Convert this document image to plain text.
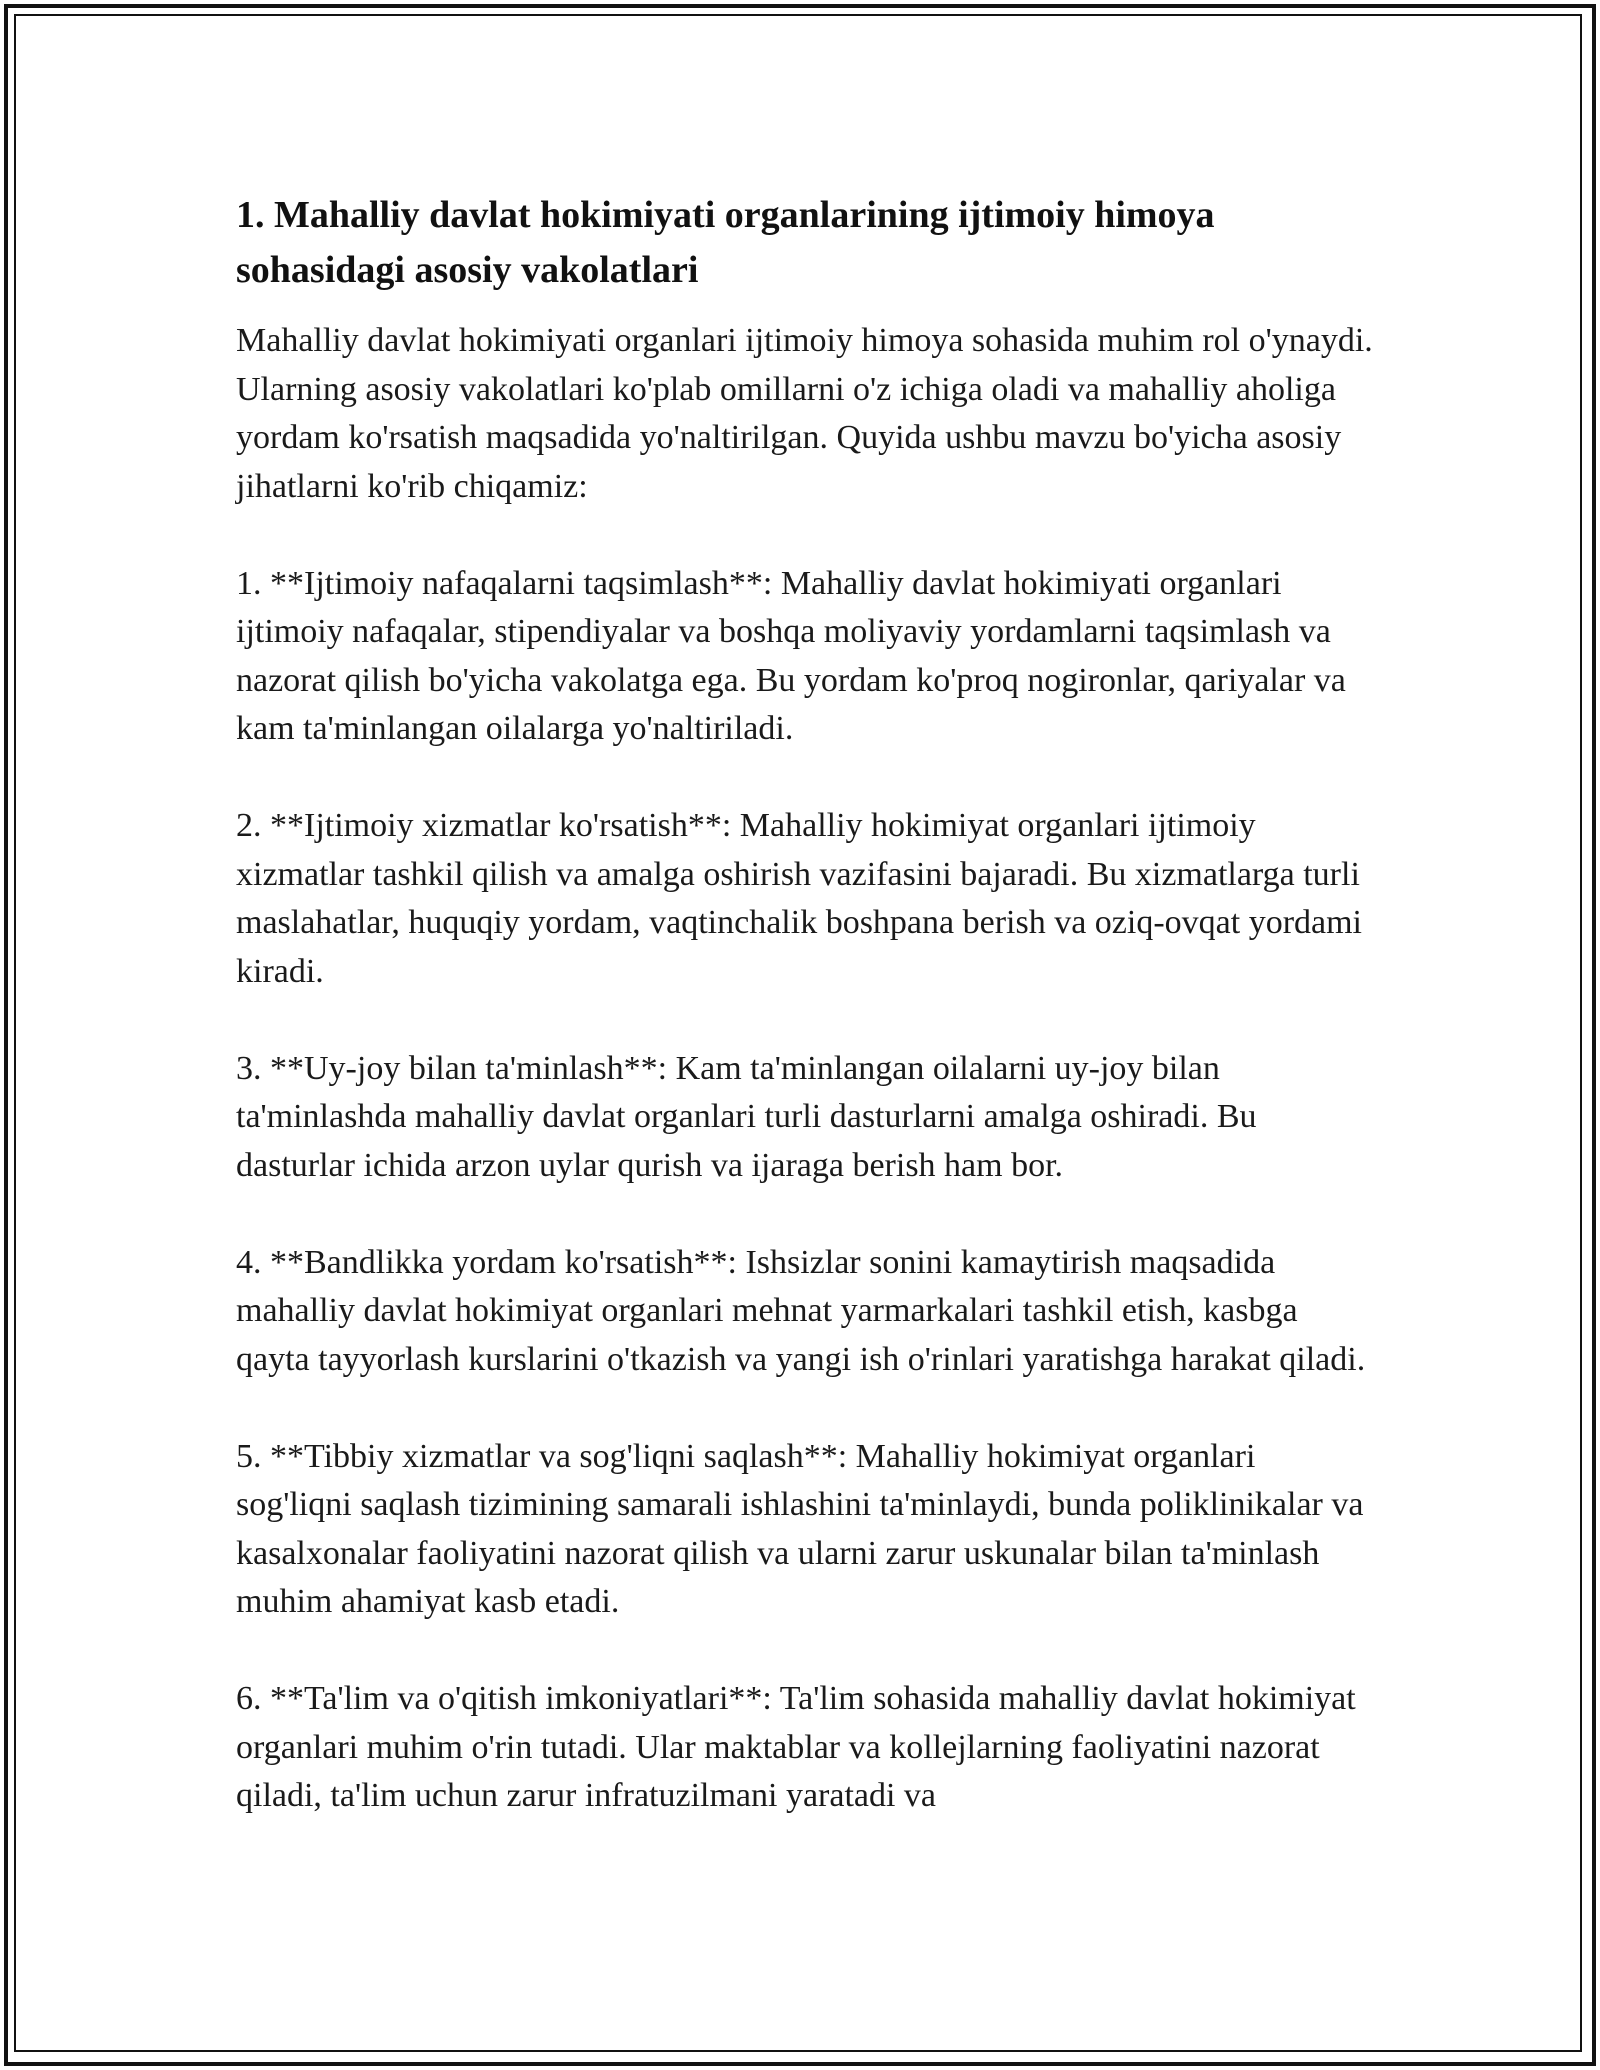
1. Mahalliy davlat hokimiyati organlarining ijtimoiy himoya sohasidagi asosiy vakolatlari

Mahalliy davlat hokimiyati organlari ijtimoiy himoya sohasida muhim rol o'ynaydi. Ularning asosiy vakolatlari ko'plab omillarni o'z ichiga oladi va mahalliy aholiga yordam ko'rsatish maqsadida yo'naltirilgan. Quyida ushbu mavzu bo'yicha asosiy jihatlarni ko'rib chiqamiz:

1. **Ijtimoiy nafaqalarni taqsimlash**: Mahalliy davlat hokimiyati organlari ijtimoiy nafaqalar, stipendiyalar va boshqa moliyaviy yordamlarni taqsimlash va nazorat qilish bo'yicha vakolatga ega. Bu yordam ko'proq nogironlar, qariyalar va kam ta'minlangan oilalarga yo'naltiriladi.

2. **Ijtimoiy xizmatlar ko'rsatish**: Mahalliy hokimiyat organlari ijtimoiy xizmatlar tashkil qilish va amalga oshirish vazifasini bajaradi. Bu xizmatlarga turli maslahatlar, huquqiy yordam, vaqtinchalik boshpana berish va oziq-ovqat yordami kiradi.

3. **Uy-joy bilan ta'minlash**: Kam ta'minlangan oilalarni uy-joy bilan ta'minlashda mahalliy davlat organlari turli dasturlarni amalga oshiradi. Bu dasturlar ichida arzon uylar qurish va ijaraga berish ham bor.

4. **Bandlikka yordam ko'rsatish**: Ishsizlar sonini kamaytirish maqsadida mahalliy davlat hokimiyat organlari mehnat yarmarkalari tashkil etish, kasbga qayta tayyorlash kurslarini o'tkazish va yangi ish o'rinlari yaratishga harakat qiladi.

5. **Tibbiy xizmatlar va sog'liqni saqlash**: Mahalliy hokimiyat organlari sog'liqni saqlash tizimining samarali ishlashini ta'minlaydi, bunda poliklinikalar va kasalxonalar faoliyatini nazorat qilish va ularni zarur uskunalar bilan ta'minlash muhim ahamiyat kasb etadi.

6. **Ta'lim va o'qitish imkoniyatlari**: Ta'lim sohasida mahalliy davlat hokimiyat organlari muhim o'rin tutadi. Ular maktablar va kollejlarning faoliyatini nazorat qiladi, ta'lim uchun zarur infratuzilmani yaratadi va
